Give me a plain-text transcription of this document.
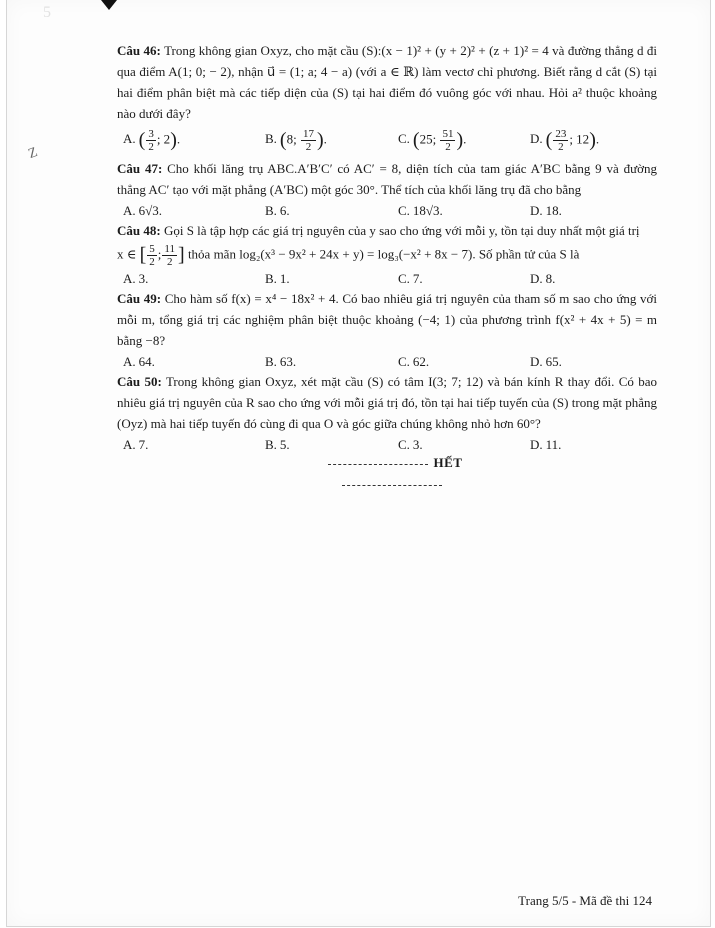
5
Z
Câu 46: Trong không gian Oxyz, cho mặt cầu (S):(x − 1)² + (y + 2)² + (z + 1)² = 4 và đường thẳng d đi qua điểm A(1; 0; − 2), nhận u⃗ = (1; a; 4 − a) (với a ∈ ℝ) làm vectơ chỉ phương. Biết rằng d cắt (S) tại hai điểm phân biệt mà các tiếp diện của (S) tại hai điểm đó vuông góc với nhau. Hỏi a² thuộc khoảng nào dưới đây?
A. ( $\frac{3}{2}$ ; 2).	B. (8; $\frac{17}{2}$ ).	C. (25; $\frac{51}{2}$ ).	D. ( $\frac{23}{2}$ ; 12).
Câu 47: Cho khối lăng trụ ABC.A′B′C′ có AC′ = 8, diện tích của tam giác A′BC bằng 9 và đường thẳng AC′ tạo với mặt phẳng (A′BC) một góc 30°. Thể tích của khối lăng trụ đã cho bằng
A. 6√3.	B. 6.	C. 18√3.	D. 18.
Câu 48: Gọi S là tập hợp các giá trị nguyên của y sao cho ứng với mỗi y, tồn tại duy nhất một giá trị
x ∈ [ $\frac{5}{2}$ ; $\frac{11}{2}$ ] thỏa mãn log₂(x³ − 9x² + 24x + y) = log₃(−x² + 8x − 7). Số phần tử của S là
A. 3.	B. 1.	C. 7.	D. 8.
Câu 49: Cho hàm số f(x) = x⁴ − 18x² + 4. Có bao nhiêu giá trị nguyên của tham số m sao cho ứng với mỗi m, tổng giá trị các nghiệm phân biệt thuộc khoảng (−4; 1) của phương trình f(x² + 4x + 5) = m bằng −8?
A. 64.	B. 63.	C. 62.	D. 65.
Câu 50: Trong không gian Oxyz, xét mặt cầu (S) có tâm I(3; 7; 12) và bán kính R thay đổi. Có bao nhiêu giá trị nguyên của R sao cho ứng với mỗi giá trị đó, tồn tại hai tiếp tuyến của (S) trong mặt phẳng (Oyz) mà hai tiếp tuyến đó cùng đi qua O và góc giữa chúng không nhỏ hơn 60°?
A. 7.	B. 5.	C. 3.	D. 11.
HẾT
Trang 5/5 - Mã đề thi 124
